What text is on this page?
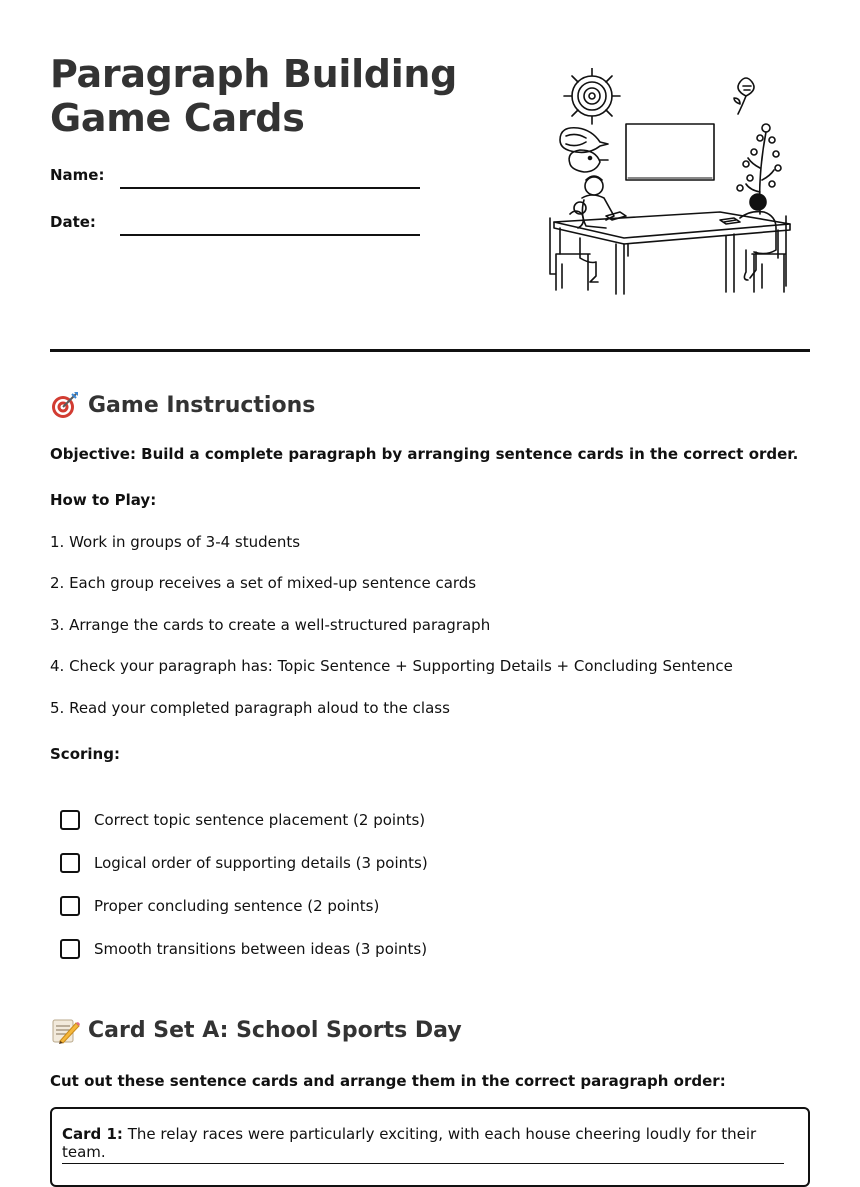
Paragraph Building
Game Cards
Name:
Date:
Game Instructions

Objective: Build a complete paragraph by arranging sentence cards in the correct order.

How to Play:

1. Work in groups of 3-4 students

2. Each group receives a set of mixed-up sentence cards

3. Arrange the cards to create a well-structured paragraph

4. Check your paragraph has: Topic Sentence + Supporting Details + Concluding Sentence

5. Read your completed paragraph aloud to the class

Scoring:

Correct topic sentence placement (2 points)
Logical order of supporting details (3 points)
Proper concluding sentence (2 points)
Smooth transitions between ideas (3 points)
Card Set A: School Sports Day

Cut out these sentence cards and arrange them in the correct paragraph order:

Card 1: The relay races were particularly exciting, with each house cheering loudly for their team.
